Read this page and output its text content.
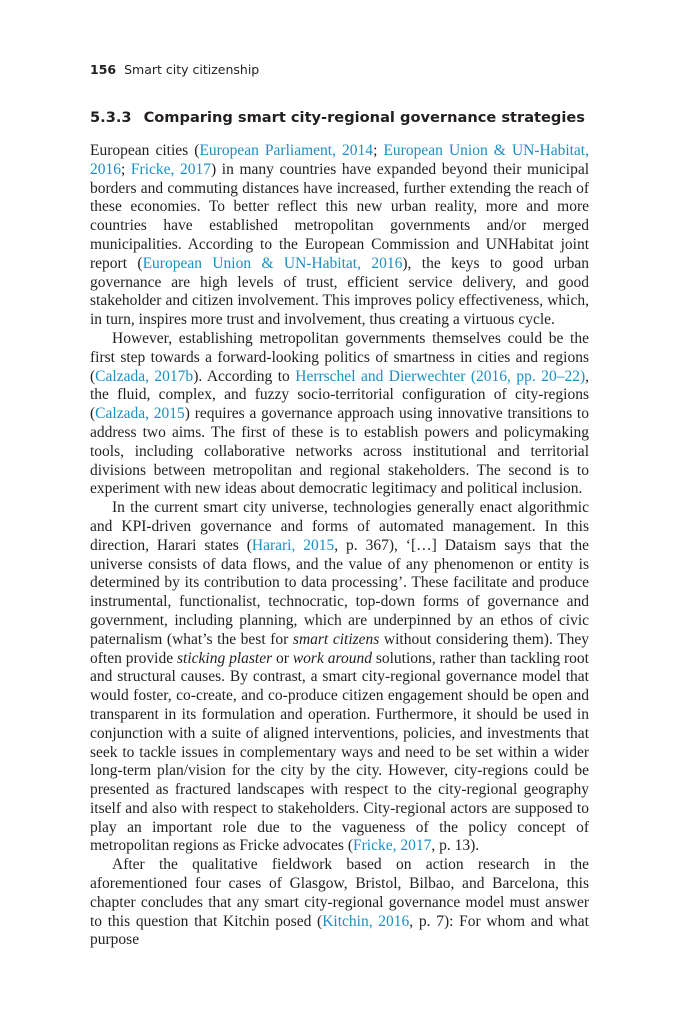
156 Smart city citizenship
5.3.3 Comparing smart city-regional governance strategies

European cities (European Parliament, 2014; European Union & UN-Habitat, 2016; Fricke, 2017) in many countries have expanded beyond their municipal borders and commuting distances have increased, further extending the reach of these economies. To better reflect this new urban reality, more and more countries have established metropolitan governments and/or merged municipalities. According to the European Commission and UNHabitat joint report (European Union & UN-Habitat, 2016), the keys to good urban governance are high levels of trust, efficient service delivery, and good stakeholder and citizen involvement. This improves policy effectiveness, which, in turn, inspires more trust and involvement, thus creating a virtuous cycle.

However, establishing metropolitan governments themselves could be the first step towards a forward-looking politics of smartness in cities and regions (Calzada, 2017b). According to Herrschel and Dierwechter (2016, pp. 20–22), the fluid, complex, and fuzzy socio-territorial configuration of city-regions (Calzada, 2015) requires a governance approach using innovative transitions to address two aims. The first of these is to establish powers and policymaking tools, including collaborative networks across institutional and territorial divisions between metropolitan and regional stakeholders. The second is to experiment with new ideas about democratic legitimacy and political inclusion.

In the current smart city universe, technologies generally enact algorithmic and KPI-driven governance and forms of automated management. In this direction, Harari states (Harari, 2015, p. 367), ‘[…] Dataism says that the universe consists of data flows, and the value of any phenomenon or entity is determined by its contribution to data processing’. These facilitate and produce instrumental, functionalist, technocratic, top-down forms of governance and government, including planning, which are underpinned by an ethos of civic paternalism (what’s the best for smart citizens without considering them). They often provide sticking plaster or work around solutions, rather than tackling root and structural causes. By contrast, a smart city-regional governance model that would foster, co-create, and co-produce citizen engagement should be open and transparent in its formulation and operation. Furthermore, it should be used in conjunction with a suite of aligned interventions, policies, and investments that seek to tackle issues in complementary ways and need to be set within a wider long-term plan/vision for the city by the city. However, city-regions could be presented as fractured landscapes with respect to the city-regional geography itself and also with respect to stakeholders. City-regional actors are supposed to play an important role due to the vagueness of the policy concept of metropolitan regions as Fricke advocates (Fricke, 2017, p. 13).

After the qualitative fieldwork based on action research in the aforementioned four cases of Glasgow, Bristol, Bilbao, and Barcelona, this chapter concludes that any smart city-regional governance model must answer to this question that Kitchin posed (Kitchin, 2016, p. 7): For whom and what purpose
